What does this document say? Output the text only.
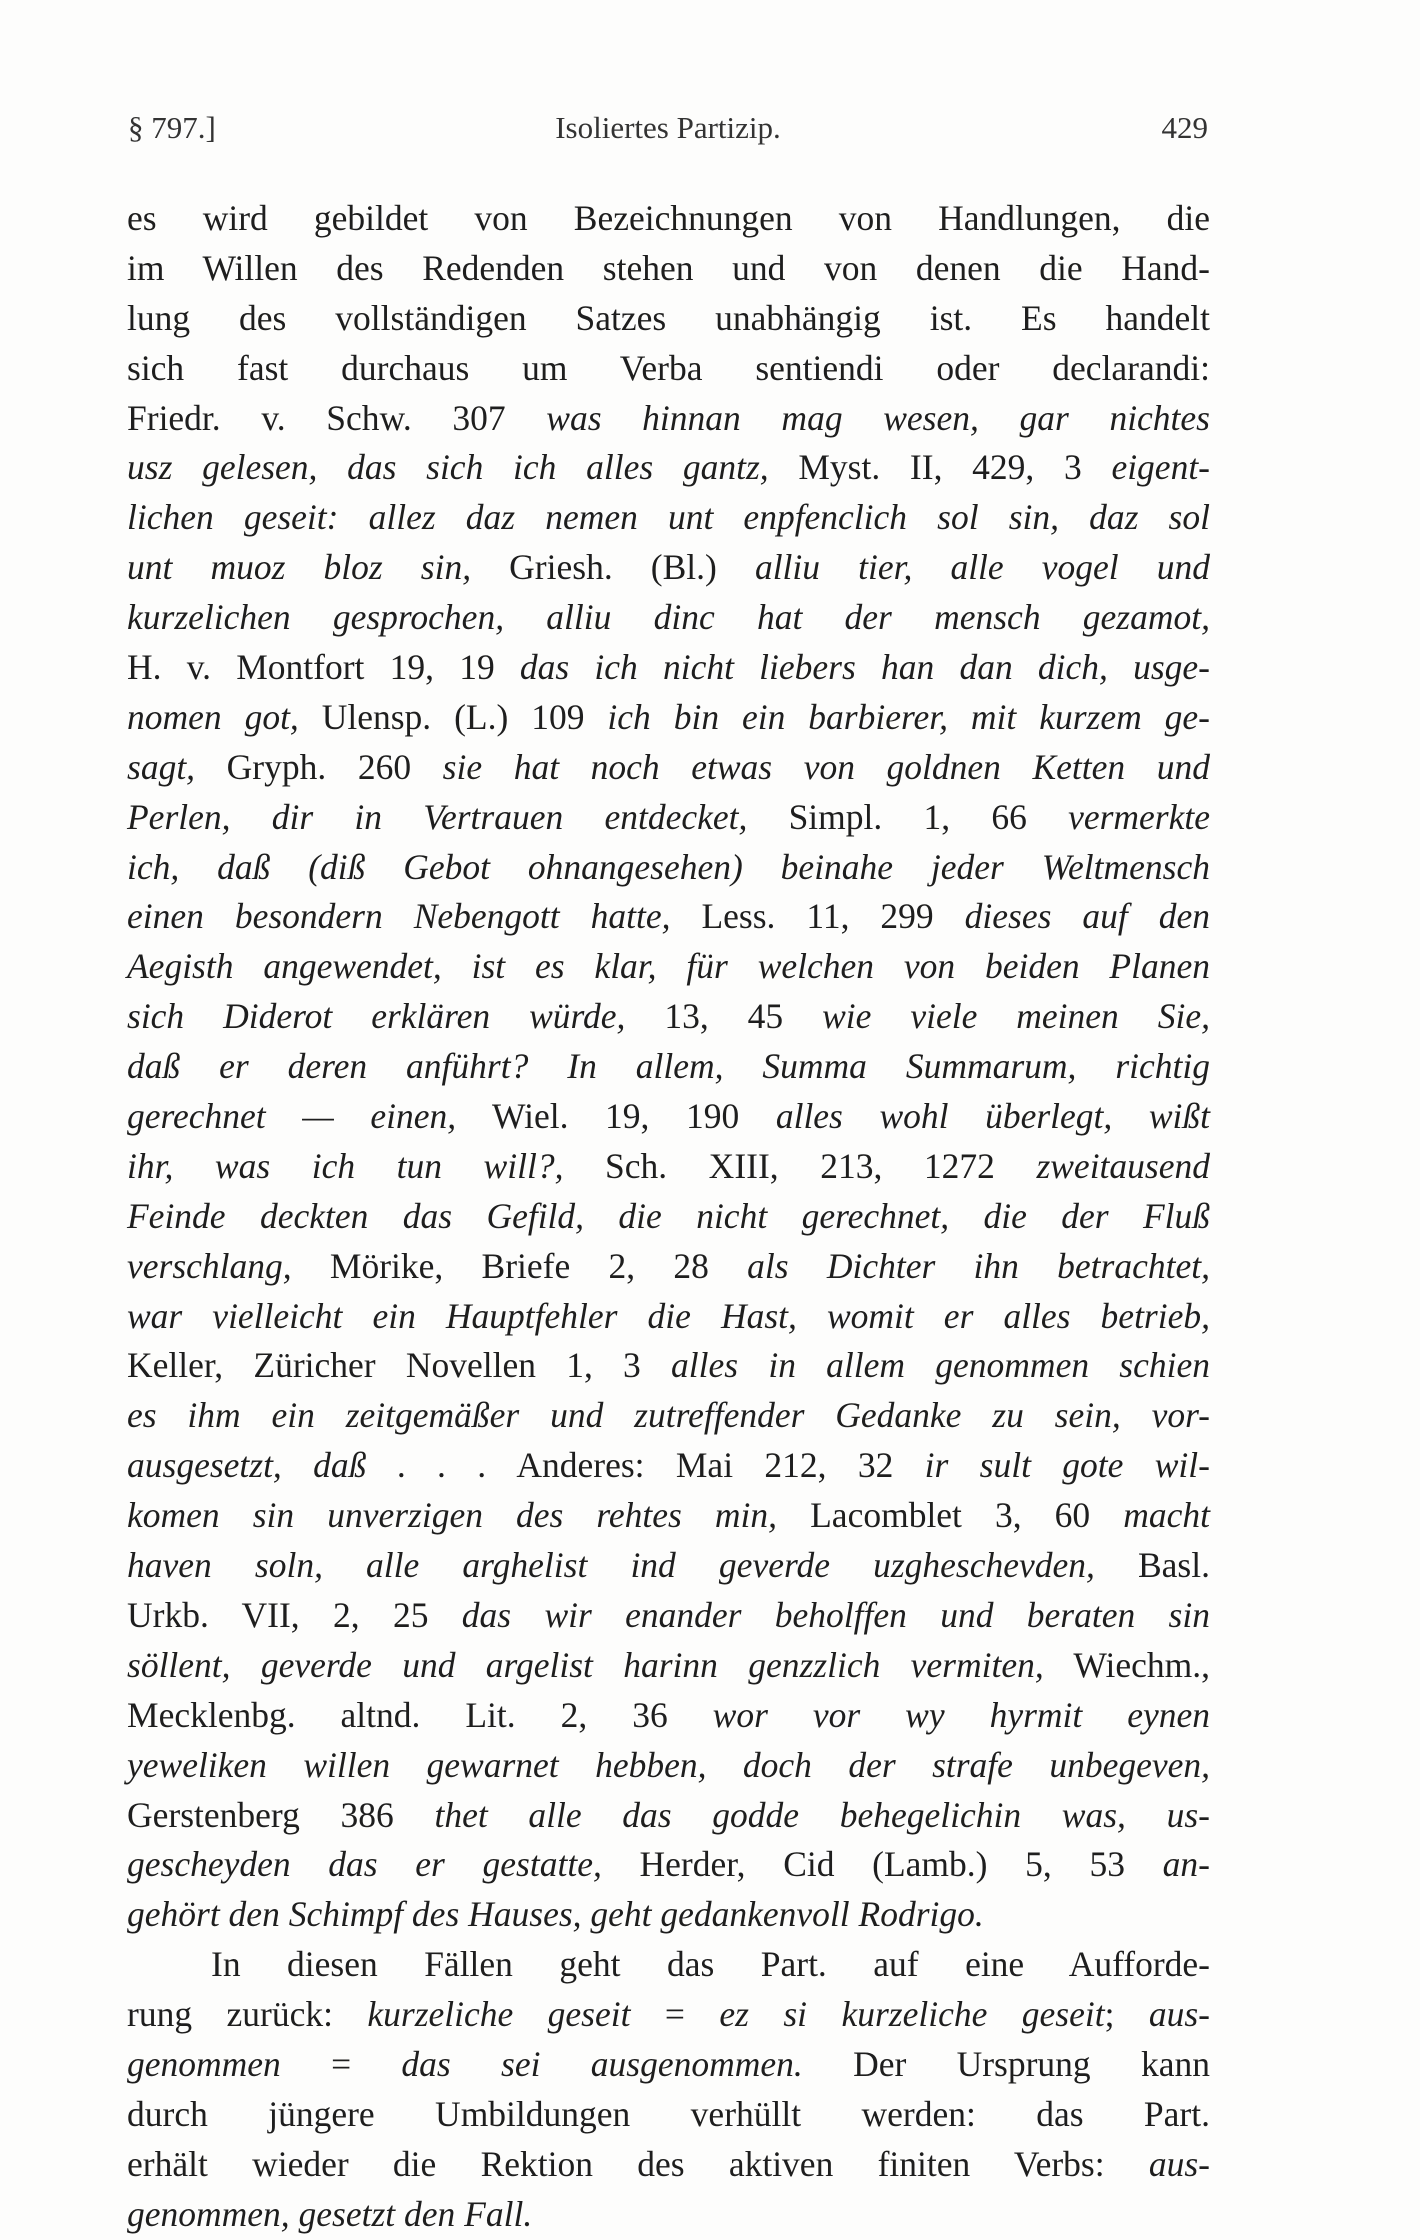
§ 797.]	Isoliertes Partizip.	429
es wird gebildet von Bezeichnungen von Handlungen, die
im Willen des Redenden stehen und von denen die Hand-
lung des vollständigen Satzes unabhängig ist. Es handelt
sich fast durchaus um Verba sentiendi oder declarandi:
Friedr. v. Schw. 307 was hinnan mag wesen, gar nichtes
usz gelesen, das sich ich alles gantz, Myst. II, 429, 3 eigent-
lichen geseit: allez daz nemen unt enpfenclich sol sin, daz sol
unt muoz bloz sin, Griesh. (Bl.) alliu tier, alle vogel und
kurzelichen gesprochen, alliu dinc hat der mensch gezamot,
H. v. Montfort 19, 19 das ich nicht liebers han dan dich, usge-
nomen got, Ulensp. (L.) 109 ich bin ein barbierer, mit kurzem ge-
sagt, Gryph. 260 sie hat noch etwas von goldnen Ketten und
Perlen, dir in Vertrauen entdecket, Simpl. 1, 66 vermerkte
ich, daß (diß Gebot ohnangesehen) beinahe jeder Weltmensch
einen besondern Nebengott hatte, Less. 11, 299 dieses auf den
Aegisth angewendet, ist es klar, für welchen von beiden Planen
sich Diderot erklären würde, 13, 45 wie viele meinen Sie,
daß er deren anführt? In allem, Summa Summarum, richtig
gerechnet — einen, Wiel. 19, 190 alles wohl überlegt, wißt
ihr, was ich tun will?, Sch. XIII, 213, 1272 zweitausend
Feinde deckten das Gefild, die nicht gerechnet, die der Fluß
verschlang, Mörike, Briefe 2, 28 als Dichter ihn betrachtet,
war vielleicht ein Hauptfehler die Hast, womit er alles betrieb,
Keller, Züricher Novellen 1, 3 alles in allem genommen schien
es ihm ein zeitgemäßer und zutreffender Gedanke zu sein, vor-
ausgesetzt, daß . . . Anderes: Mai 212, 32 ir sult gote wil-
komen sin unverzigen des rehtes min, Lacomblet 3, 60 macht
haven soln, alle arghelist ind geverde uzgheschevden, Basl.
Urkb. VII, 2, 25 das wir enander beholffen und beraten sin
söllent, geverde und argelist harinn genzzlich vermiten, Wiechm.,
Mecklenbg. altnd. Lit. 2, 36 wor vor wy hyrmit eynen
yeweliken willen gewarnet hebben, doch der strafe unbegeven,
Gerstenberg 386 thet alle das godde behegelichin was, us-
gescheyden das er gestatte, Herder, Cid (Lamb.) 5, 53 an-
gehört den Schimpf des Hauses, geht gedankenvoll Rodrigo.
In diesen Fällen geht das Part. auf eine Aufforde-
rung zurück: kurzeliche geseit = ez si kurzeliche geseit; aus-
genommen = das sei ausgenommen. Der Ursprung kann
durch jüngere Umbildungen verhüllt werden: das Part.
erhält wieder die Rektion des aktiven finiten Verbs: aus-
genommen, gesetzt den Fall.
